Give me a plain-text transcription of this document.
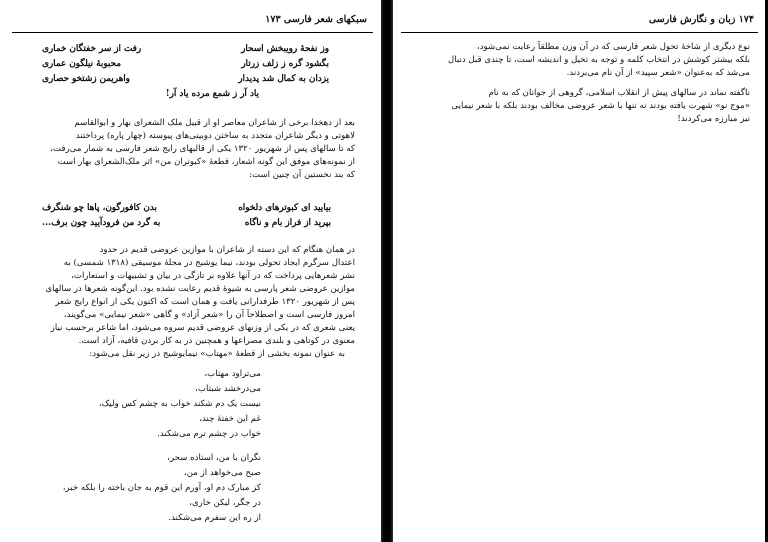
سبکهای شعر فارسی ۱۷۳
وز نفحهٔ رویبخش اسحار
رفت از سر خفتگان خماری
بگشود گره ز زلف زرتار
محبوبهٔ نیلگون عماری
یزدان به کمال شد پدیدار
واهریمن زشتخو حصاری
یاد آر ز شمع مرده یاد آر!
بعد از دهخدا برخی از شاعران معاصر او از قبیل ملک الشعرای بهار و ابوالقاسم
لاهوتی و دیگر شاعران متجدد به ساختن دوبیتی‌های پیوسته (چهار پاره) پرداختند
که تا سالهای پس از شهریور ۱۳۲۰ یکی از قالبهای رایج شعر فارسی به شمار می‌رفت،
از نمونه‌های موفق این گونه اشعار، قطعهٔ «کبوتران من» اثر ملک‌الشعرای بهار است
که بند نخستین آن چنین است:
بیایید ای کبوترهای دلخواه
بدن کافورگون، پاها چو شنگرف
بپرید از فراز بام و ناگاه
به گرد من فرودآیید چون برف...
در همان هنگام که این دسته از شاعران با موازین عروضی قدیم در حدود
اعتدال سرگرم ایجاد تحولی بودند، نیما یوشیج در مجلهٔ موسیقی (۱۳۱۸ شمسی) به
نشر شعرهایی پرداخت که در آنها علاوه بر تازگی در بیان و تشبیهات و استعارات،
موازین عروضی شعر پارسی به شیوهٔ قدیم رعایت نشده بود. این‌گونه شعرها در سالهای
پس از شهریور ۱۳۲۰ طرفدارانی یافت و همان است که اکنون یکی از انواع رایج شعر
امروز فارسی است و اصطلاحاً آن را «شعر آزاد» و گاهی «شعر نیمایی» می‌گویند،
یعنی شعری که در یکی از وزنهای عروضی قدیم سروه می‌شود، اما شاعر برحسب نیاز
معنوی در کوتاهی و بلندی مصراعها و همچنین در به کار بردن قافیه، آزاد است.
به عنوان نمونه بخشی از قطعهٔ «مهتاب» نیمایوشیج در زیر نقل می‌شود:
می‌تراود مهتاب،
می‌درخشد شبتاب،
نیست یک دم شکند خواب به چشم کس ولیک،
غم این خفتهٔ چند،
خواب در چشم ترم می‌شکند.
نگران با من، استاده سحر،
صبح می‌خواهد از من،
کز مبارک دم او، آورم این قوم به جان باخته را بلکه خبر،
در جگر، لیکن خاری،
از ره این سفرم می‌شکند.
۱۷۴ زبان و نگارش فارسی
نوع دیگری از شاخهٔ تحول شعر فارسی که در آن وزن مطلقاً رعایت نمی‌شود،
بلکه بیشتر کوشش در انتخاب کلمه و توجه به تخیل و اندیشه است، تا چندی قبل دنبال
می‌شد که به‌عنوان «شعر سپید» از آن نام می‌بردند.
ناگفته نماند در سالهای پیش از انقلاب اسلامی، گروهی از جوانان که به نام
«موج نو» شهرت یافته بودند نه تنها با شعر عروضی مخالف بودند بلکه با شعر نیمایی
نیز مبارزه می‌کردند!
